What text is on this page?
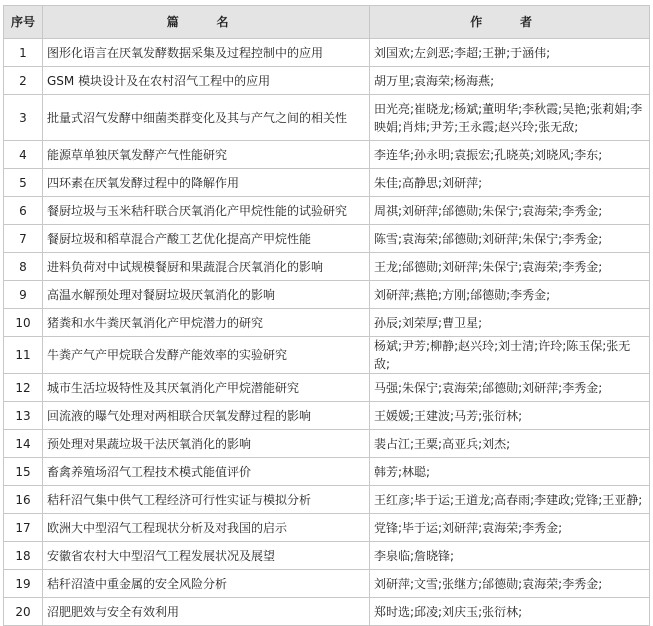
序号	篇 名	作 者
1	图形化语言在厌氧发酵数据采集及过程控制中的应用	刘国欢;左剑恶;李超;王翀;于涵伟;
2	GSM 模块设计及在农村沼气工程中的应用	胡万里;袁海荣;杨海燕;
3	批量式沼气发酵中细菌类群变化及其与产气之间的相关性	田光亮;崔晓龙;杨斌;董明华;李秋霞;吴艳;张莉娟;李映娟;肖炜;尹芳;王永霞;赵兴玲;张无敌;
4	能源草单独厌氧发酵产气性能研究	李连华;孙永明;袁振宏;孔晓英;刘晓风;李东;
5	四环素在厌氧发酵过程中的降解作用	朱佳;高静思;刘研萍;
6	餐厨垃圾与玉米秸秆联合厌氧消化产甲烷性能的试验研究	周祺;刘研萍;邰德勋;朱保宁;袁海荣;李秀金;
7	餐厨垃圾和稻草混合产酸工艺优化提高产甲烷性能	陈雪;袁海荣;邰德勋;刘研萍;朱保宁;李秀金;
8	进料负荷对中试规模餐厨和果蔬混合厌氧消化的影响	王龙;邰德勋;刘研萍;朱保宁;袁海荣;李秀金;
9	高温水解预处理对餐厨垃圾厌氧消化的影响	刘研萍;燕艳;方刚;邰德勋;李秀金;
10	猪粪和水牛粪厌氧消化产甲烷潜力的研究	孙辰;刘荣厚;曹卫星;
11	牛粪产气产甲烷联合发酵产能效率的实验研究	杨斌;尹芳;柳静;赵兴玲;刘士清;许玲;陈玉保;张无敌;
12	城市生活垃圾特性及其厌氧消化产甲烷潜能研究	马强;朱保宁;袁海荣;邰德勋;刘研萍;李秀金;
13	回流液的曝气处理对两相联合厌氧发酵过程的影响	王媛媛;王建波;马芳;张衍林;
14	预处理对果蔬垃圾干法厌氧消化的影响	裴占江;王粟;高亚兵;刘杰;
15	畜禽养殖场沼气工程技术模式能值评价	韩芳;林聪;
16	秸秆沼气集中供气工程经济可行性实证与模拟分析	王红彦;毕于运;王道龙;高春雨;李建政;党锋;王亚静;
17	欧洲大中型沼气工程现状分析及对我国的启示	党锋;毕于运;刘研萍;袁海荣;李秀金;
18	安徽省农村大中型沼气工程发展状况及展望	李泉临;詹晓锋;
19	秸秆沼渣中重金属的安全风险分析	刘研萍;文雪;张继方;邰德勋;袁海荣;李秀金;
20	沼肥肥效与安全有效利用	郑时选;邱凌;刘庆玉;张衍林;
